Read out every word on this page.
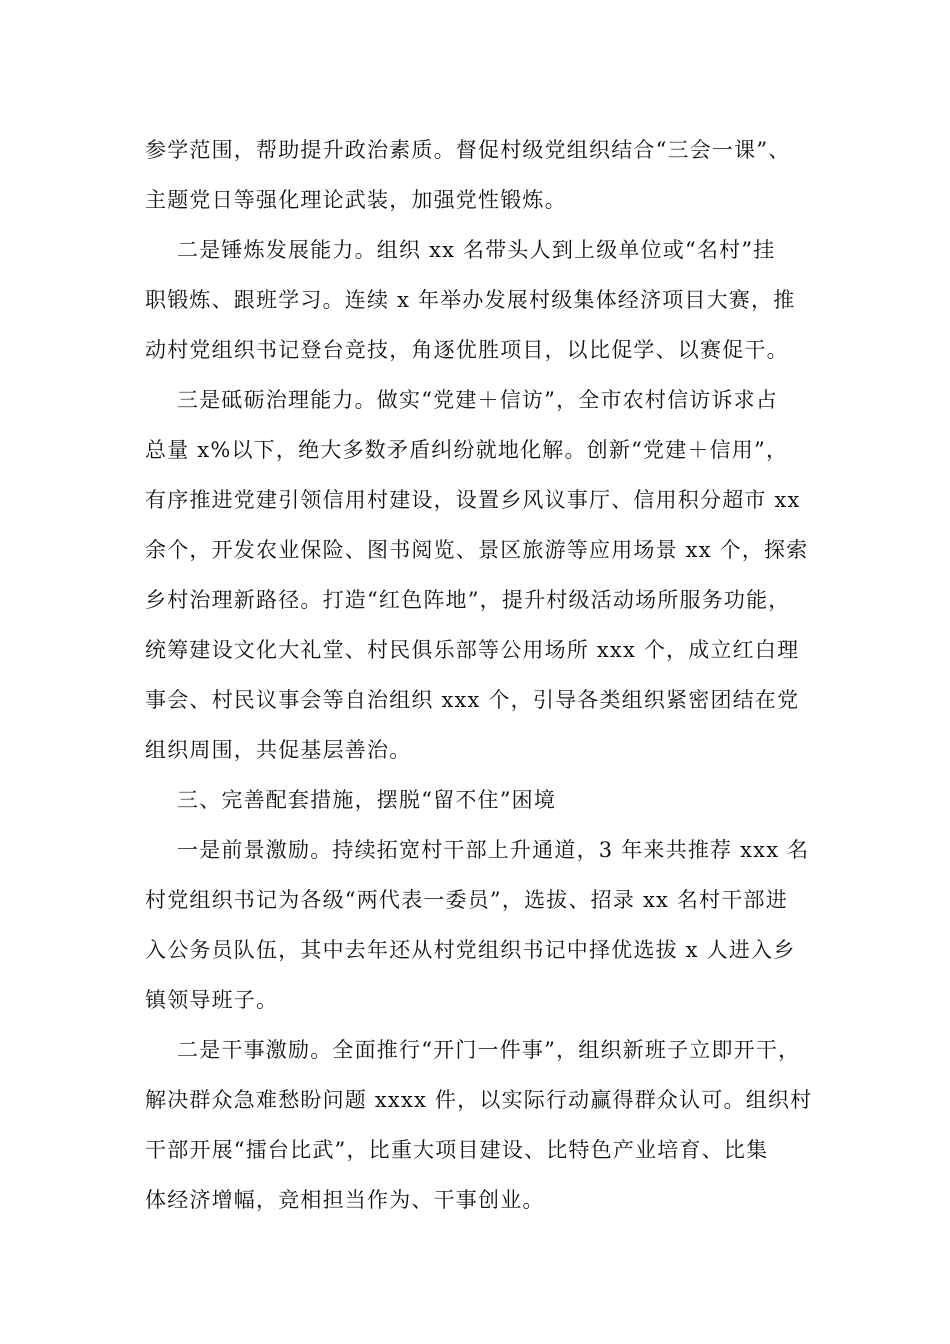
参学范围，帮助提升政治素质。督促村级党组织结合“三会一课”、
主题党日等强化理论武装，加强党性锻炼。
二是锤炼发展能力。组织 xx 名带头人到上级单位或“名村”挂
职锻炼、跟班学习。连续 x 年举办发展村级集体经济项目大赛，推
动村党组织书记登台竞技，角逐优胜项目，以比促学、以赛促干。
三是砥砺治理能力。做实“党建＋信访”，全市农村信访诉求占
总量 x%以下，绝大多数矛盾纠纷就地化解。创新“党建＋信用”，
有序推进党建引领信用村建设，设置乡风议事厅、信用积分超市 xx
余个，开发农业保险、图书阅览、景区旅游等应用场景 xx 个，探索
乡村治理新路径。打造“红色阵地”，提升村级活动场所服务功能，
统筹建设文化大礼堂、村民俱乐部等公用场所 xxx 个，成立红白理
事会、村民议事会等自治组织 xxx 个，引导各类组织紧密团结在党
组织周围，共促基层善治。
三、完善配套措施，摆脱“留不住”困境
一是前景激励。持续拓宽村干部上升通道，3 年来共推荐 xxx 名
村党组织书记为各级“两代表一委员”，选拔、招录 xx 名村干部进
入公务员队伍，其中去年还从村党组织书记中择优选拔 x 人进入乡
镇领导班子。
二是干事激励。全面推行“开门一件事”，组织新班子立即开干，
解决群众急难愁盼问题 xxxx 件，以实际行动赢得群众认可。组织村
干部开展“擂台比武”，比重大项目建设、比特色产业培育、比集
体经济增幅，竞相担当作为、干事创业。
